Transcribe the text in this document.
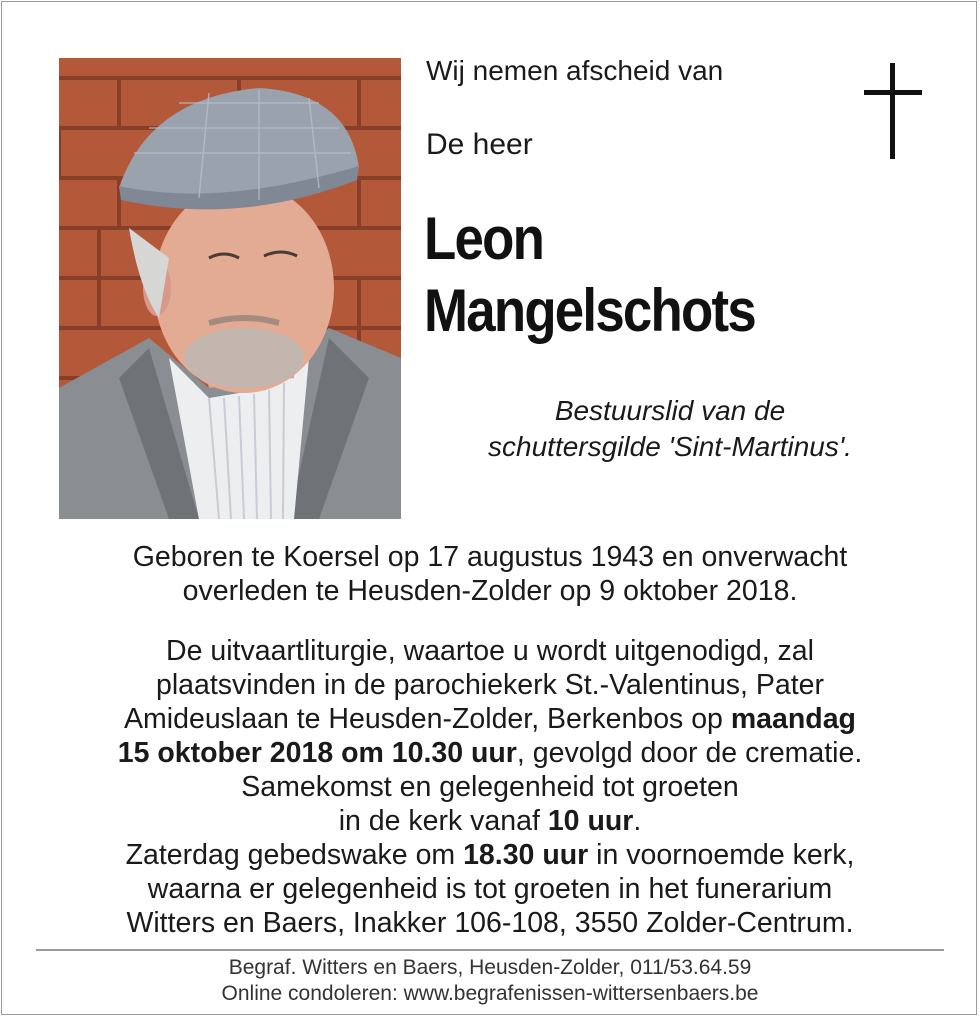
Wij nemen afscheid van

De heer

Leon
Mangelschots

Bestuurslid van de
schuttersgilde 'Sint-Martinus'.

Geboren te Koersel op 17 augustus 1943 en onverwacht
overleden te Heusden-Zolder op 9 oktober 2018.

De uitvaartliturgie, waartoe u wordt uitgenodigd, zal
plaatsvinden in de parochiekerk St.-Valentinus, Pater
Amideuslaan te Heusden-Zolder, Berkenbos op maandag
15 oktober 2018 om 10.30 uur, gevolgd door de crematie.
Samekomst en gelegenheid tot groeten
in de kerk vanaf 10 uur.
Zaterdag gebedswake om 18.30 uur in voornoemde kerk,
waarna er gelegenheid is tot groeten in het funerarium
Witters en Baers, Inakker 106-108, 3550 Zolder-Centrum.

Begraf. Witters en Baers, Heusden-Zolder, 011/53.64.59
Online condoleren: www.begrafenissen-wittersenbaers.be
